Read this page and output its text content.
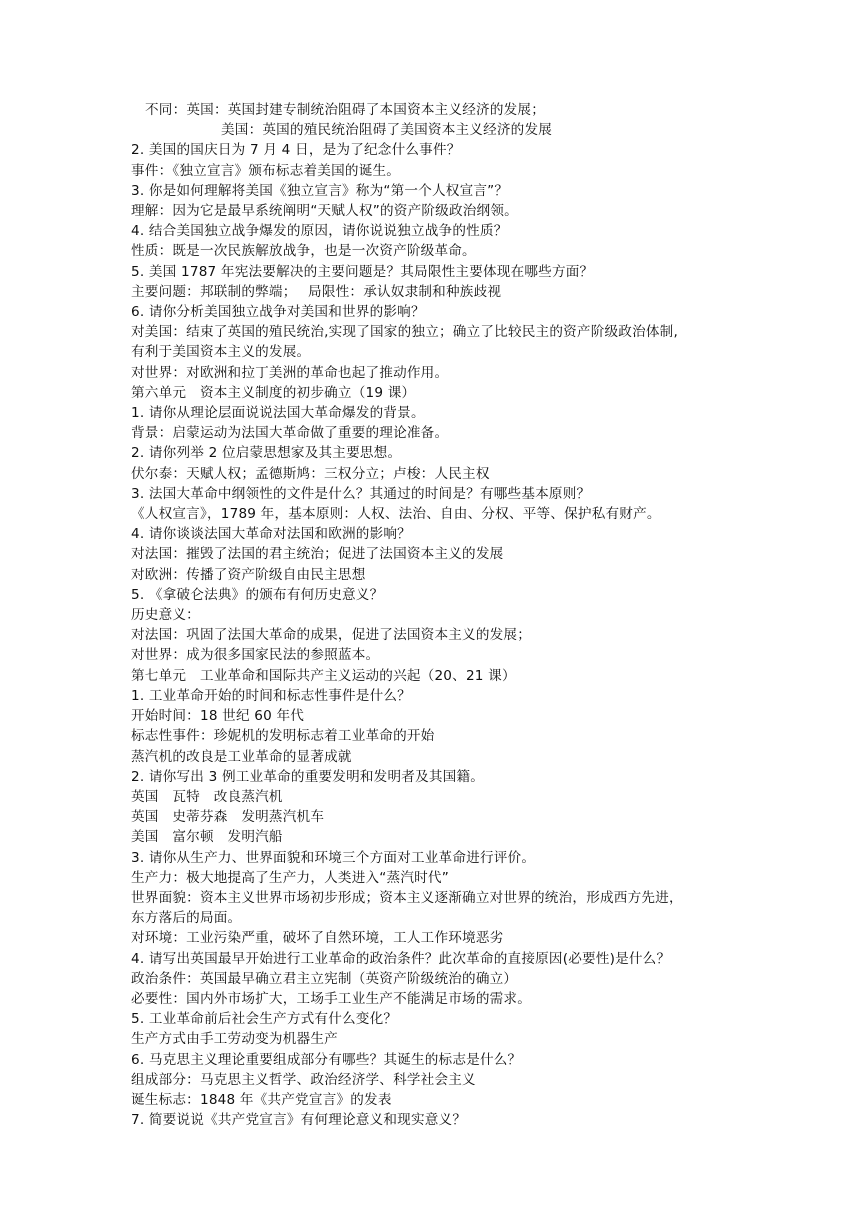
不同：英国：英国封建专制统治阻碍了本国资本主义经济的发展；
美国：英国的殖民统治阻碍了美国资本主义经济的发展
2. 美国的国庆日为 7 月 4 日，是为了纪念什么事件？
事件：《独立宣言》颁布标志着美国的诞生。
3. 你是如何理解将美国《独立宣言》称为“第一个人权宣言”？
理解：因为它是最早系统阐明“天赋人权”的资产阶级政治纲领。
4. 结合美国独立战争爆发的原因，请你说说独立战争的性质？
性质：既是一次民族解放战争，也是一次资产阶级革命。
5. 美国 1787 年宪法要解决的主要问题是？其局限性主要体现在哪些方面？
主要问题：邦联制的弊端；　 局限性：承认奴隶制和种族歧视
6. 请你分析美国独立战争对美国和世界的影响？
对美国：结束了英国的殖民统治,实现了国家的独立；确立了比较民主的资产阶级政治体制,
有利于美国资本主义的发展。
对世界：对欧洲和拉丁美洲的革命也起了推动作用。
第六单元　资本主义制度的初步确立（19 课）
1. 请你从理论层面说说法国大革命爆发的背景。
背景：启蒙运动为法国大革命做了重要的理论准备。
2. 请你列举 2 位启蒙思想家及其主要思想。
伏尔泰：天赋人权；孟德斯鸠：三权分立；卢梭：人民主权
3. 法国大革命中纲领性的文件是什么？其通过的时间是？有哪些基本原则？
《人权宣言》，1789 年，基本原则：人权、法治、自由、分权、平等、保护私有财产。
4. 请你谈谈法国大革命对法国和欧洲的影响？
对法国：摧毁了法国的君主统治；促进了法国资本主义的发展
对欧洲：传播了资产阶级自由民主思想
5. 《拿破仑法典》的颁布有何历史意义？
历史意义：
对法国：巩固了法国大革命的成果，促进了法国资本主义的发展；
对世界：成为很多国家民法的参照蓝本。
第七单元　工业革命和国际共产主义运动的兴起（20、21 课）
1. 工业革命开始的时间和标志性事件是什么？
开始时间：18 世纪 60 年代
标志性事件：珍妮机的发明标志着工业革命的开始
蒸汽机的改良是工业革命的显著成就
2. 请你写出 3 例工业革命的重要发明和发明者及其国籍。
英国　瓦特　改良蒸汽机
英国　史蒂芬森　发明蒸汽机车
美国　富尔顿　发明汽船
3. 请你从生产力、世界面貌和环境三个方面对工业革命进行评价。
生产力：极大地提高了生产力，人类进入“蒸汽时代”
世界面貌：资本主义世界市场初步形成；资本主义逐渐确立对世界的统治，形成西方先进，
东方落后的局面。
对环境：工业污染严重，破坏了自然环境，工人工作环境恶劣
4. 请写出英国最早开始进行工业革命的政治条件？此次革命的直接原因(必要性)是什么？
政治条件：英国最早确立君主立宪制（英资产阶级统治的确立）
必要性：国内外市场扩大，工场手工业生产不能满足市场的需求。
5. 工业革命前后社会生产方式有什么变化？
生产方式由手工劳动变为机器生产
6. 马克思主义理论重要组成部分有哪些？其诞生的标志是什么？
组成部分：马克思主义哲学、政治经济学、科学社会主义
诞生标志：1848 年《共产党宣言》的发表
7. 简要说说《共产党宣言》有何理论意义和现实意义？
